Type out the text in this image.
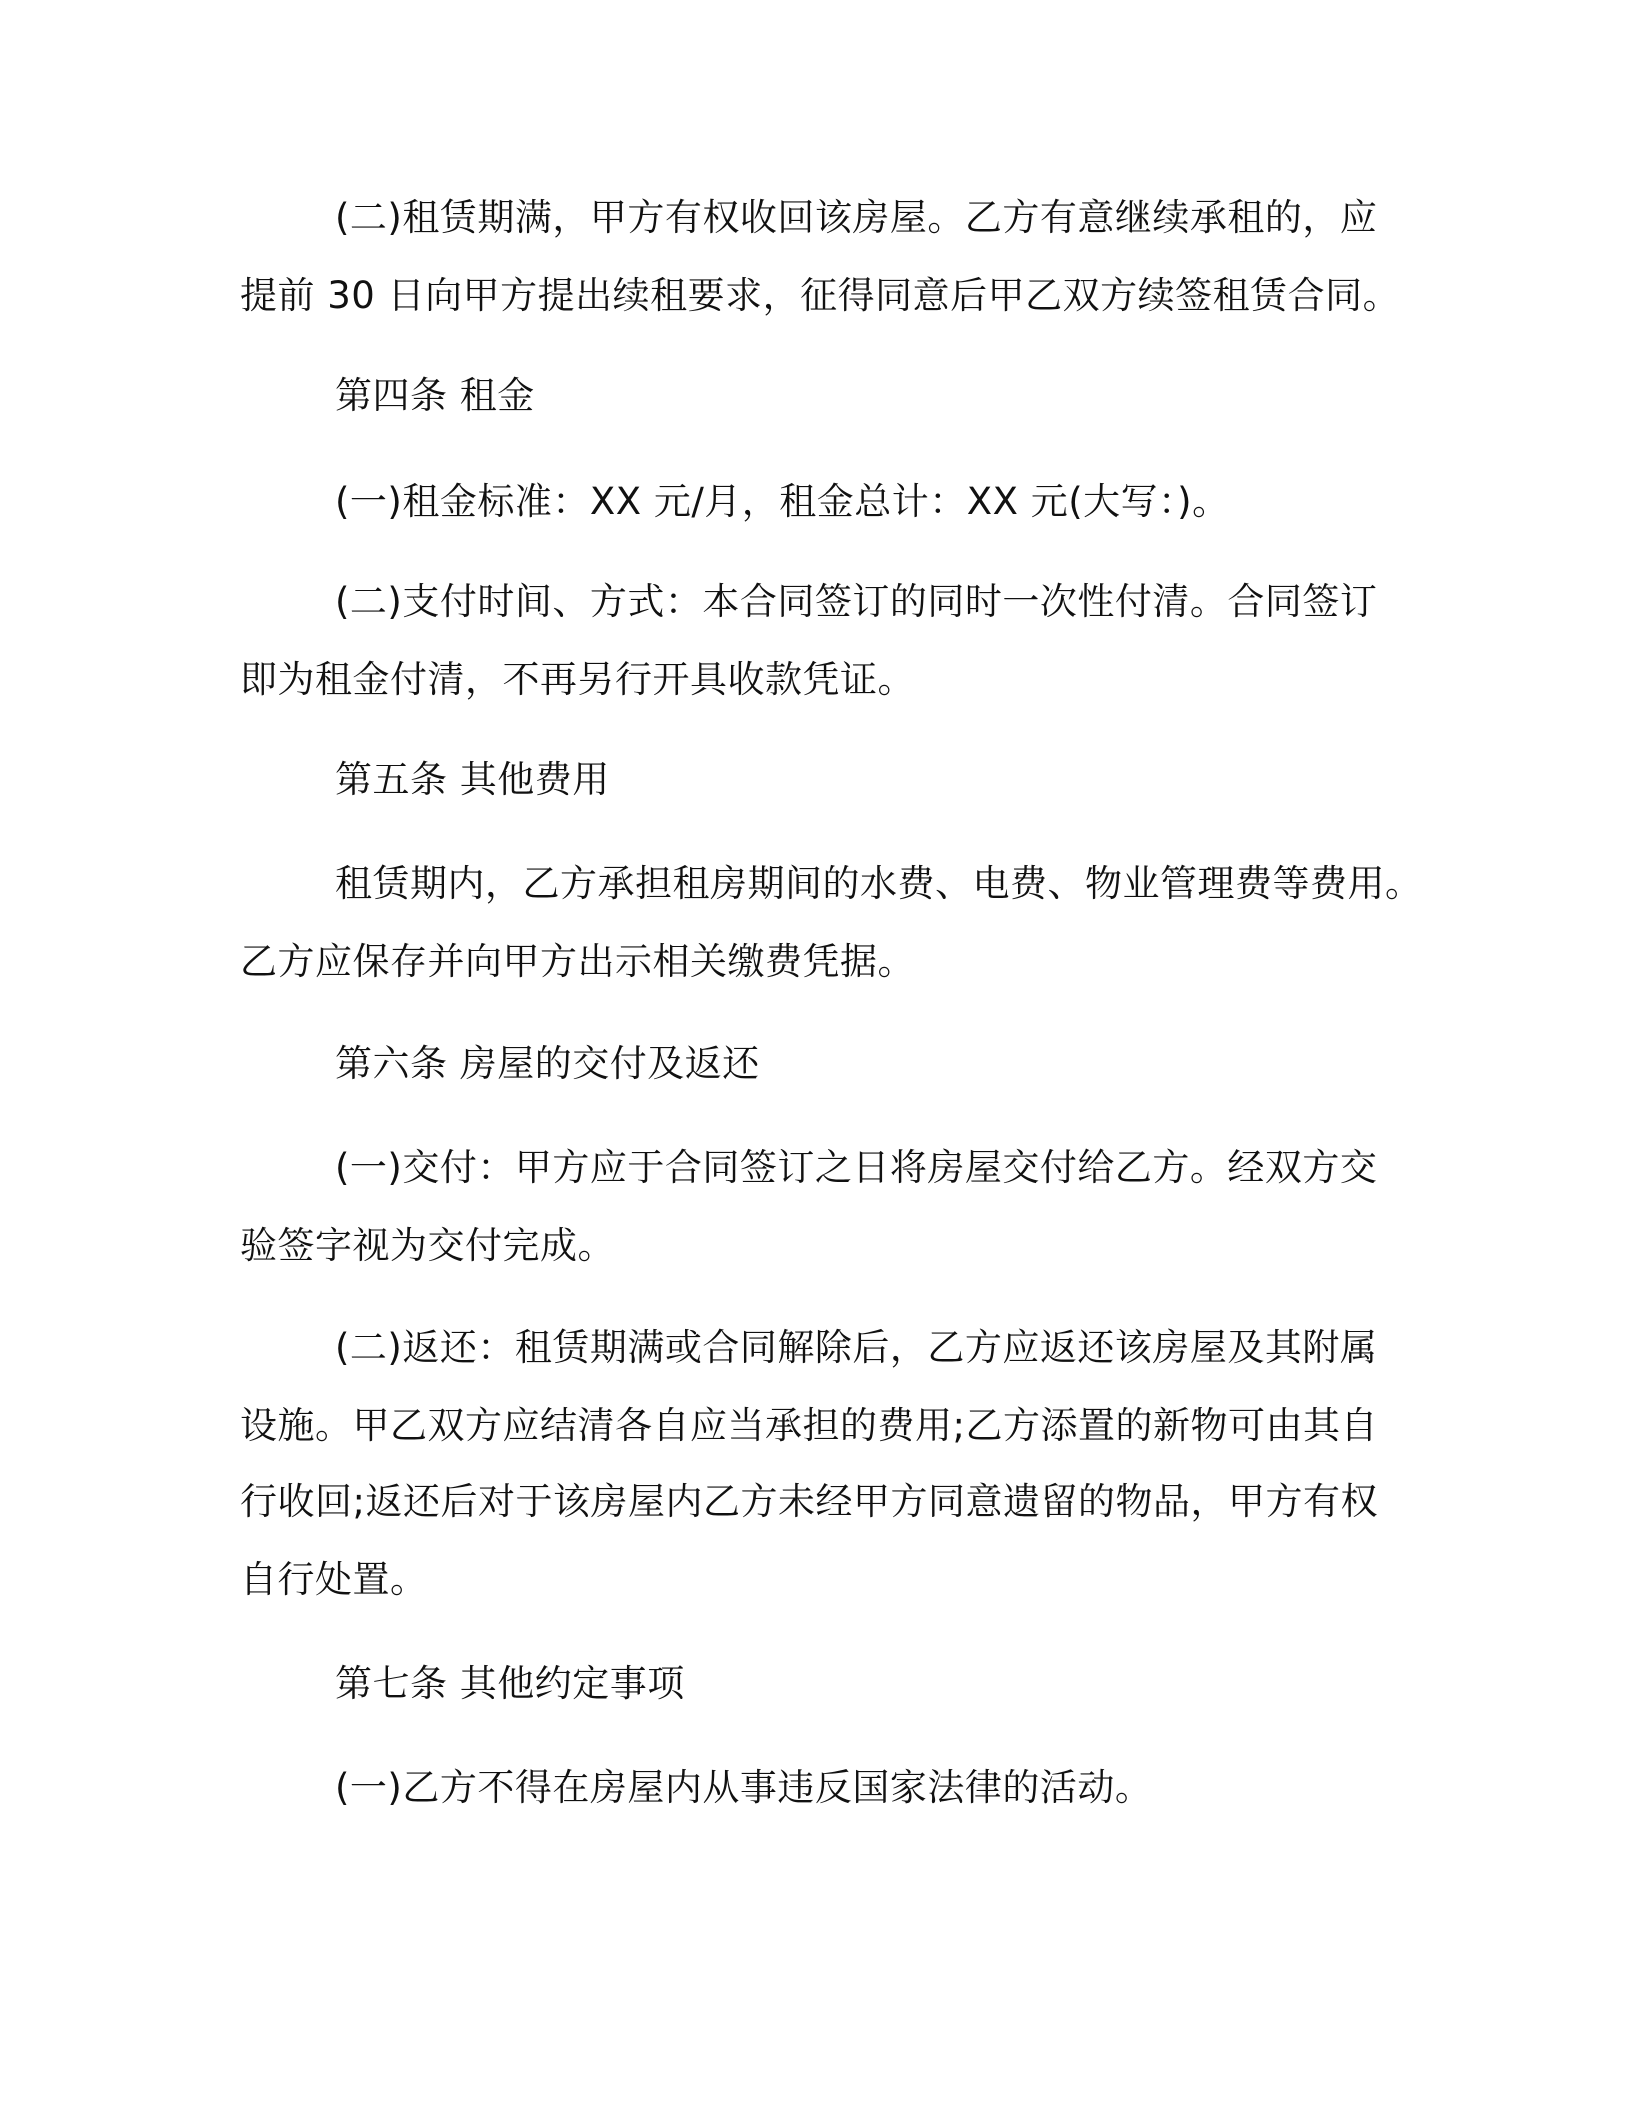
(二)租赁期满，甲方有权收回该房屋。乙方有意继续承租的，应

提前 30 日向甲方提出续租要求，征得同意后甲乙双方续签租赁合同。

第四条 租金

(一)租金标准：XX 元/月，租金总计：XX 元(大写：)。

(二)支付时间、方式：本合同签订的同时一次性付清。合同签订

即为租金付清，不再另行开具收款凭证。

第五条 其他费用

租赁期内，乙方承担租房期间的水费、电费、物业管理费等费用。

乙方应保存并向甲方出示相关缴费凭据。

第六条 房屋的交付及返还

(一)交付：甲方应于合同签订之日将房屋交付给乙方。经双方交

验签字视为交付完成。

(二)返还：租赁期满或合同解除后，乙方应返还该房屋及其附属

设施。甲乙双方应结清各自应当承担的费用;乙方添置的新物可由其自

行收回;返还后对于该房屋内乙方未经甲方同意遗留的物品，甲方有权

自行处置。

第七条 其他约定事项

(一)乙方不得在房屋内从事违反国家法律的活动。
